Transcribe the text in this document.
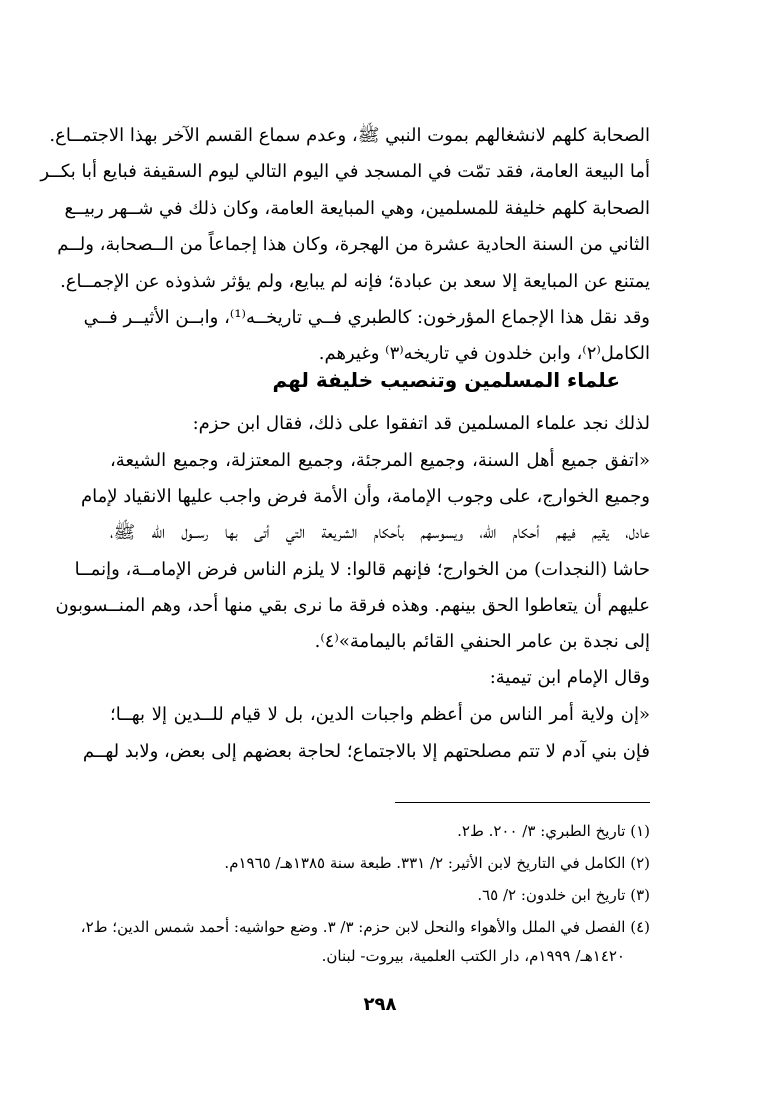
الصحابة كلهم لانشغالهم بموت النبي ﷺ، وعدم سماع القسم الآخر بهذا الاجتمــاع.
أما البيعة العامة، فقد تمّت في المسجد في اليوم التالي ليوم السقيفة فبايع أبا بكــر
الصحابة كلهم خليفة للمسلمين، وهي المبايعة العامة، وكان ذلك في شــهر ربيــع
الثاني من السنة الحادية عشرة من الهجرة، وكان هذا إجماعاً من الــصحابة، ولــم
يمتنع عن المبايعة إلا سعد بن عبادة؛ فإنه لم يبايع، ولم يؤثر شذوذه عن الإجمــاع.
وقد نقل هذا الإجماع المؤرخون: كالطبري فــي تاريخــه⁽¹⁾، وابــن الأثيــر فــي
الكامل⁽٢⁾، وابن خلدون في تاريخه⁽٣⁾ وغيرهم.
علماء المسلمين وتنصيب خليفة لهم
لذلك نجد علماء المسلمين قد اتفقوا على ذلك، فقال ابن حزم:
«اتفق جميع أهل السنة، وجميع المرجئة، وجميع المعتزلة، وجميع الشيعة،
وجميع الخوارج، على وجوب الإمامة، وأن الأمة فرض واجب عليها الانقياد لإمام
عادل، يقيم فيهم أحكام الله، ويسوسهم بأحكام الشريعة التي أتى بها رســول الله ﷺ،
حاشا (النجدات) من الخوارج؛ فإنهم قالوا: لا يلزم الناس فرض الإمامــة، وإنمــا
عليهم أن يتعاطوا الحق بينهم. وهذه فرقة ما نرى بقي منها أحد، وهم المنــسوبون
إلى نجدة بن عامر الحنفي القائم باليمامة»⁽٤⁾.
وقال الإمام ابن تيمية:
«إن ولاية أمر الناس من أعظم واجبات الدين، بل لا قيام للــدين إلا بهــا؛
فإن بني آدم لا تتم مصلحتهم إلا بالاجتماع؛ لحاجة بعضهم إلى بعض، ولابد لهــم
(١) تاريخ الطبري: ٣/ ٢٠٠. ط٢.
(٢) الكامل في التاريخ لابن الأثير: ٢/ ٣٣١. طبعة سنة ١٣٨٥هـ/ ١٩٦٥م.
(٣) تاريخ ابن خلدون: ٢/ ٦٥.
(٤) الفصل في الملل والأهواء والنحل لابن حزم: ٣/ ٣. وضع حواشيه: أحمد شمس الدين؛ ط٢،
١٤٢٠هـ/ ١٩٩٩م، دار الكتب العلمية، بيروت- لبنان.
٢٩٨
